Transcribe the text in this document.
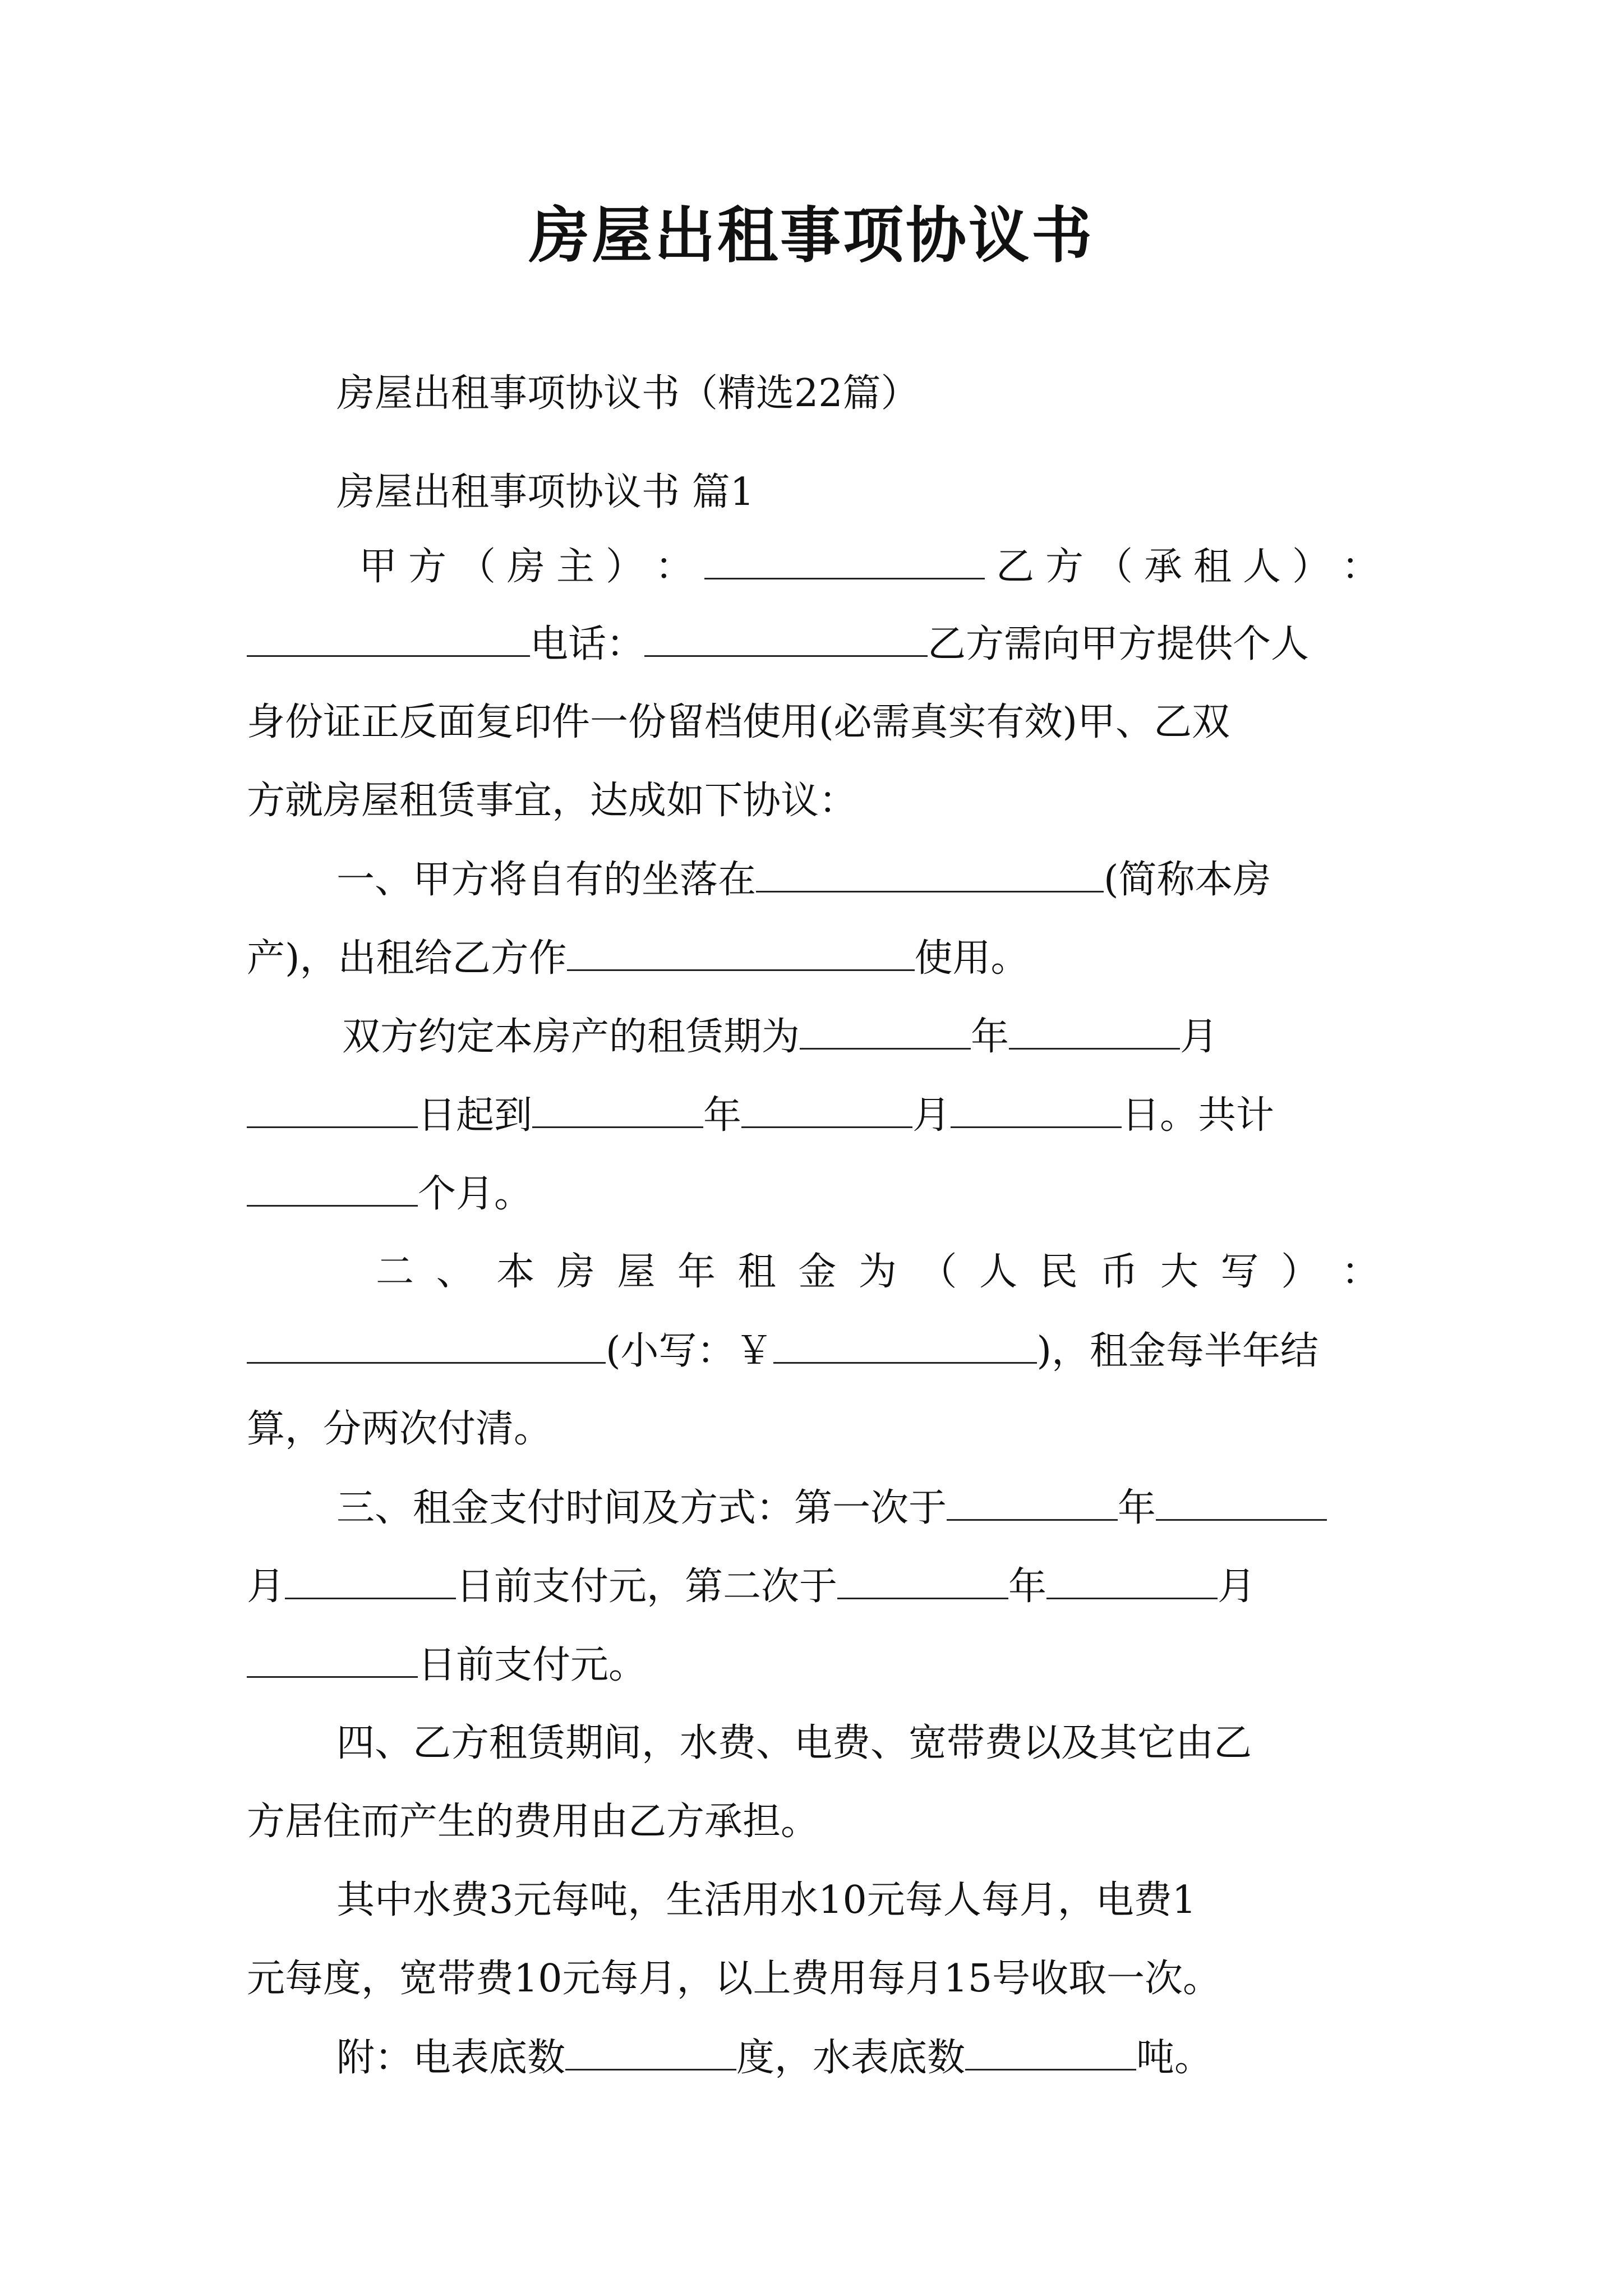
房屋出租事项协议书
房屋出租事项协议书（精选22篇）
房屋出租事项协议书 篇1
甲 方 （ 房 主 ） ：	乙 方 （ 承 租 人 ） ：
电话：	乙方需向甲方提供个人
身份证正反面复印件一份留档使用(必需真实有效)甲、乙双
方就房屋租赁事宜，达成如下协议：
一、甲方将自有的坐落在	(简称本房
产)，出租给乙方作	使用。
双方约定本房产的租赁期为	年	月
日起到	年	月	日。共计
个月。
二 、 本 房 屋 年 租 金 为 （ 人 民 币 大 写 ） ：
(小写：￥	)，租金每半年结
算，分两次付清。
三、租金支付时间及方式：第一次于	年
月	日前支付元，第二次于	年	月
日前支付元。
四、乙方租赁期间，水费、电费、宽带费以及其它由乙
方居住而产生的费用由乙方承担。
其中水费3元每吨，生活用水10元每人每月，电费1
元每度，宽带费10元每月，以上费用每月15号收取一次。
附：电表底数	度，水表底数	吨。
